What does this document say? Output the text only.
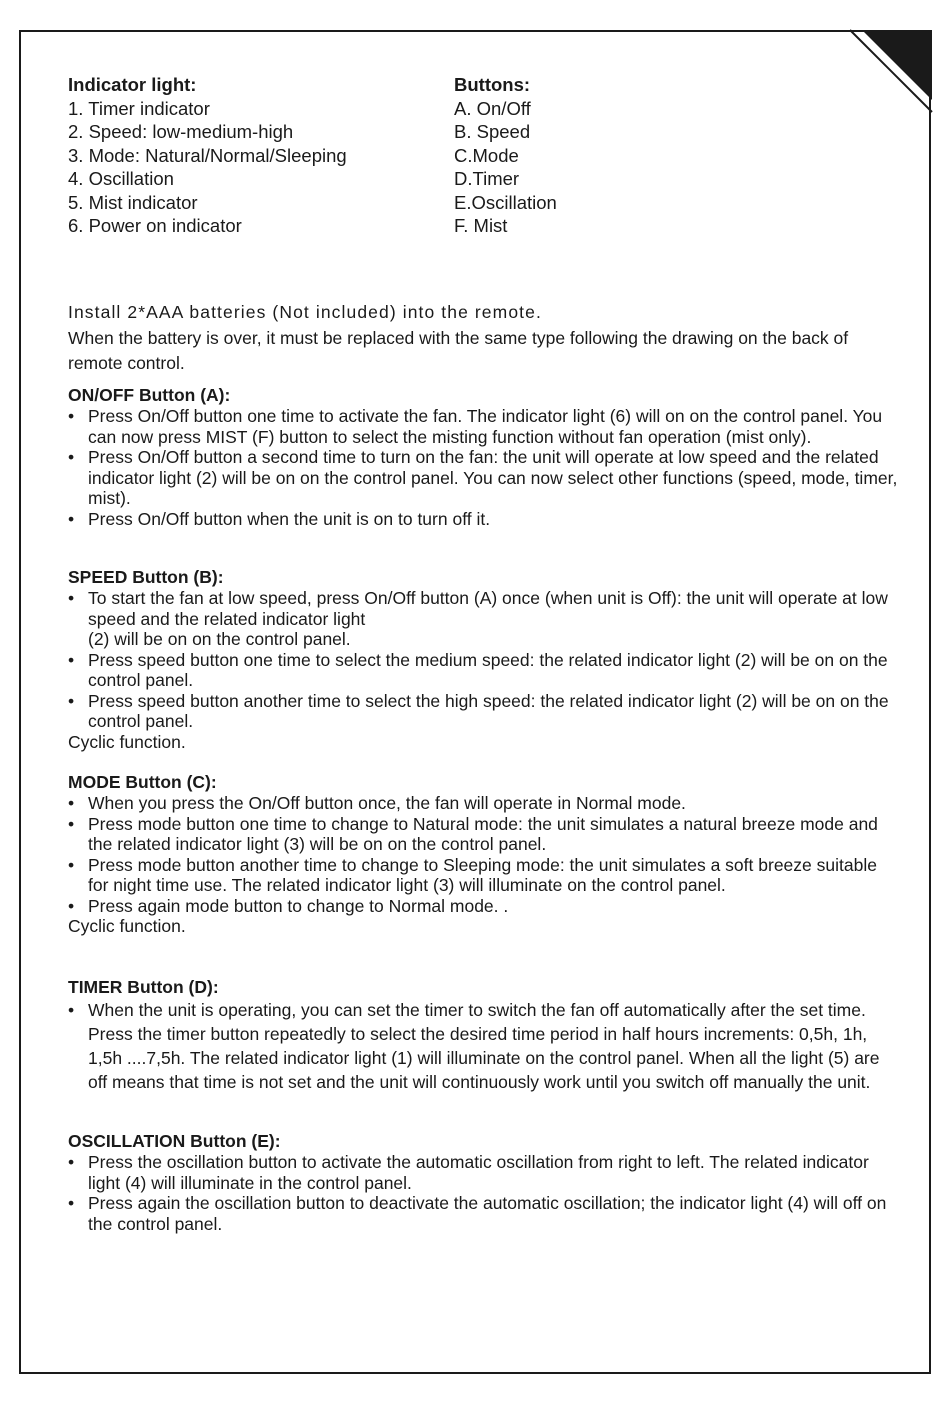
Indicator light:
1. Timer indicator
2. Speed: low-medium-high
3. Mode: Natural/Normal/Sleeping
4. Oscillation
5. Mist indicator
6. Power on indicator
Buttons:
A. On/Off
B. Speed
C.Mode
D.Timer
E.Oscillation
F. Mist
Install 2*AAA batteries (Not included) into the remote.
When the battery is over, it must be replaced with the same type following the drawing on the back of remote control.
ON/OFF Button (A):
• Press On/Off button one time to activate the fan. The indicator light (6) will on on the control panel. You can now press MIST (F) button to select the misting function without fan operation (mist only).
• Press On/Off button a second time to turn on the fan: the unit will operate at low speed and the related indicator light (2) will be on on the control panel. You can now select other functions (speed, mode, timer, mist).
• Press On/Off button when the unit is on to turn off it.
SPEED Button (B):
• To start the fan at low speed, press On/Off button (A) once (when unit is Off): the unit will operate at low speed and the related indicator light
(2) will be on on the control panel.
• Press speed button one time to select the medium speed: the related indicator light (2) will be on on the control panel.
• Press speed button another time to select the high speed: the related indicator light (2) will be on on the control panel.
Cyclic function.
MODE Button (C):
• When you press the On/Off button once, the fan will operate in Normal mode.
• Press mode button one time to change to Natural mode: the unit simulates a natural breeze mode and the related indicator light (3) will be on on the control panel.
• Press mode button another time to change to Sleeping mode: the unit simulates a soft breeze suitable for night time use. The related indicator light (3) will illuminate on the control panel.
• Press again mode button to change to Normal mode. .
Cyclic function.
TIMER Button (D):
• When the unit is operating, you can set the timer to switch the fan off automatically after the set time. Press the timer button repeatedly to select the desired time period in half hours increments: 0,5h, 1h, 1,5h ....7,5h. The related indicator light (1) will illuminate on the control panel. When all the light (5) are off means that time is not set and the unit will continuously work until you switch off manually the unit.
OSCILLATION Button (E):
• Press the oscillation button to activate the automatic oscillation from right to left. The related indicator light (4) will illuminate in the control panel.
• Press again the oscillation button to deactivate the automatic oscillation; the indicator light (4) will off on the control panel.
